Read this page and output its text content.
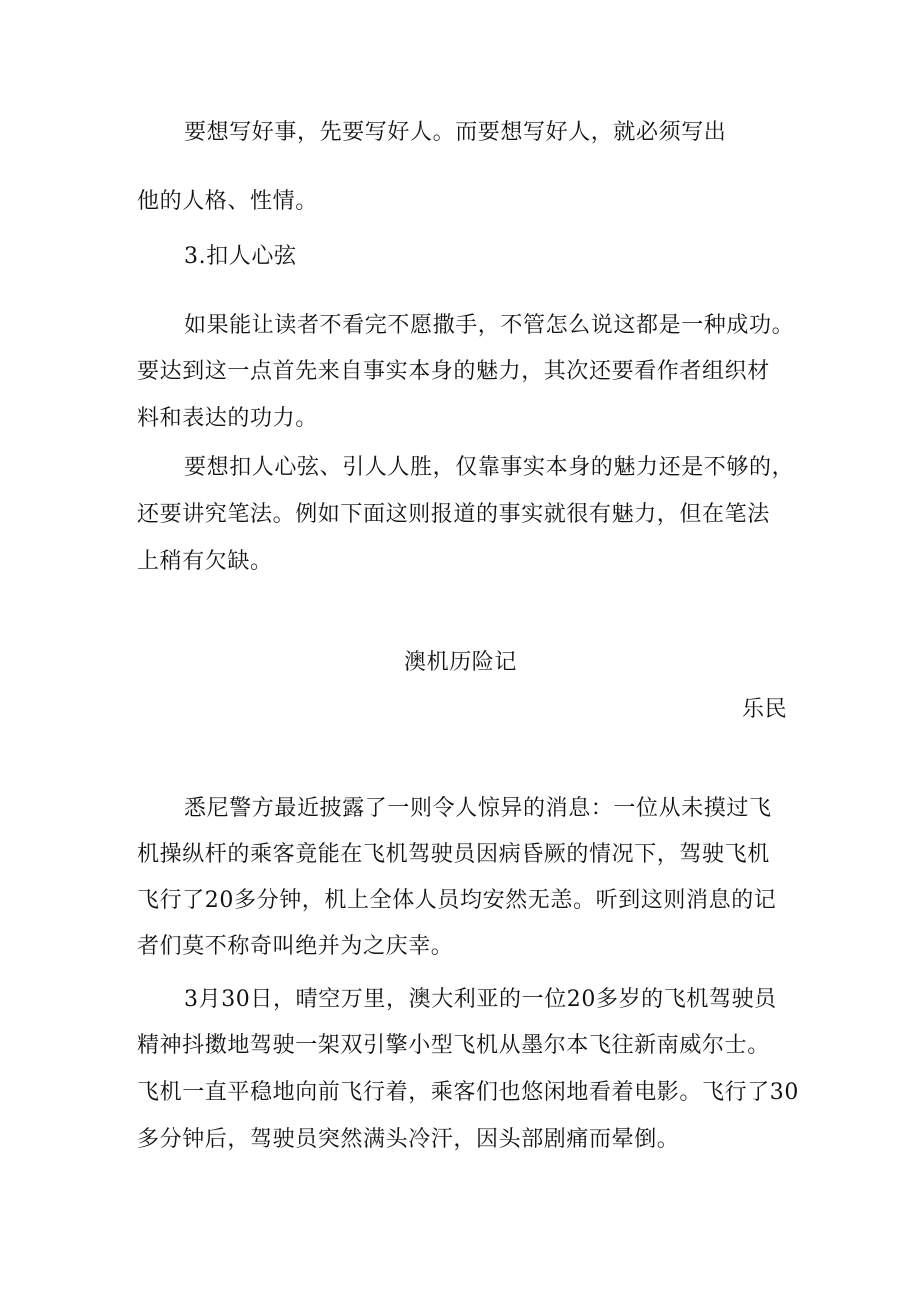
要想写好事，先要写好人。而要想写好人，就必须写出
他的人格、性情。
3.扣人心弦
如果能让读者不看完不愿撒手，不管怎么说这都是一种成功。
要达到这一点首先来自事实本身的魅力，其次还要看作者组织材
料和表达的功力。
要想扣人心弦、引人人胜，仅靠事实本身的魅力还是不够的，
还要讲究笔法。例如下面这则报道的事实就很有魅力，但在笔法
上稍有欠缺。
澳机历险记
乐民
悉尼警方最近披露了一则令人惊异的消息：一位从未摸过飞
机操纵杆的乘客竟能在飞机驾驶员因病昏厥的情况下，驾驶飞机
飞行了20多分钟，机上全体人员均安然无恙。听到这则消息的记
者们莫不称奇叫绝并为之庆幸。
3月30日，晴空万里，澳大利亚的一位20多岁的飞机驾驶员
精神抖擞地驾驶一架双引擎小型飞机从墨尔本飞往新南威尔士。
飞机一直平稳地向前飞行着，乘客们也悠闲地看着电影。飞行了30
多分钟后，驾驶员突然满头冷汗，因头部剧痛而晕倒。
